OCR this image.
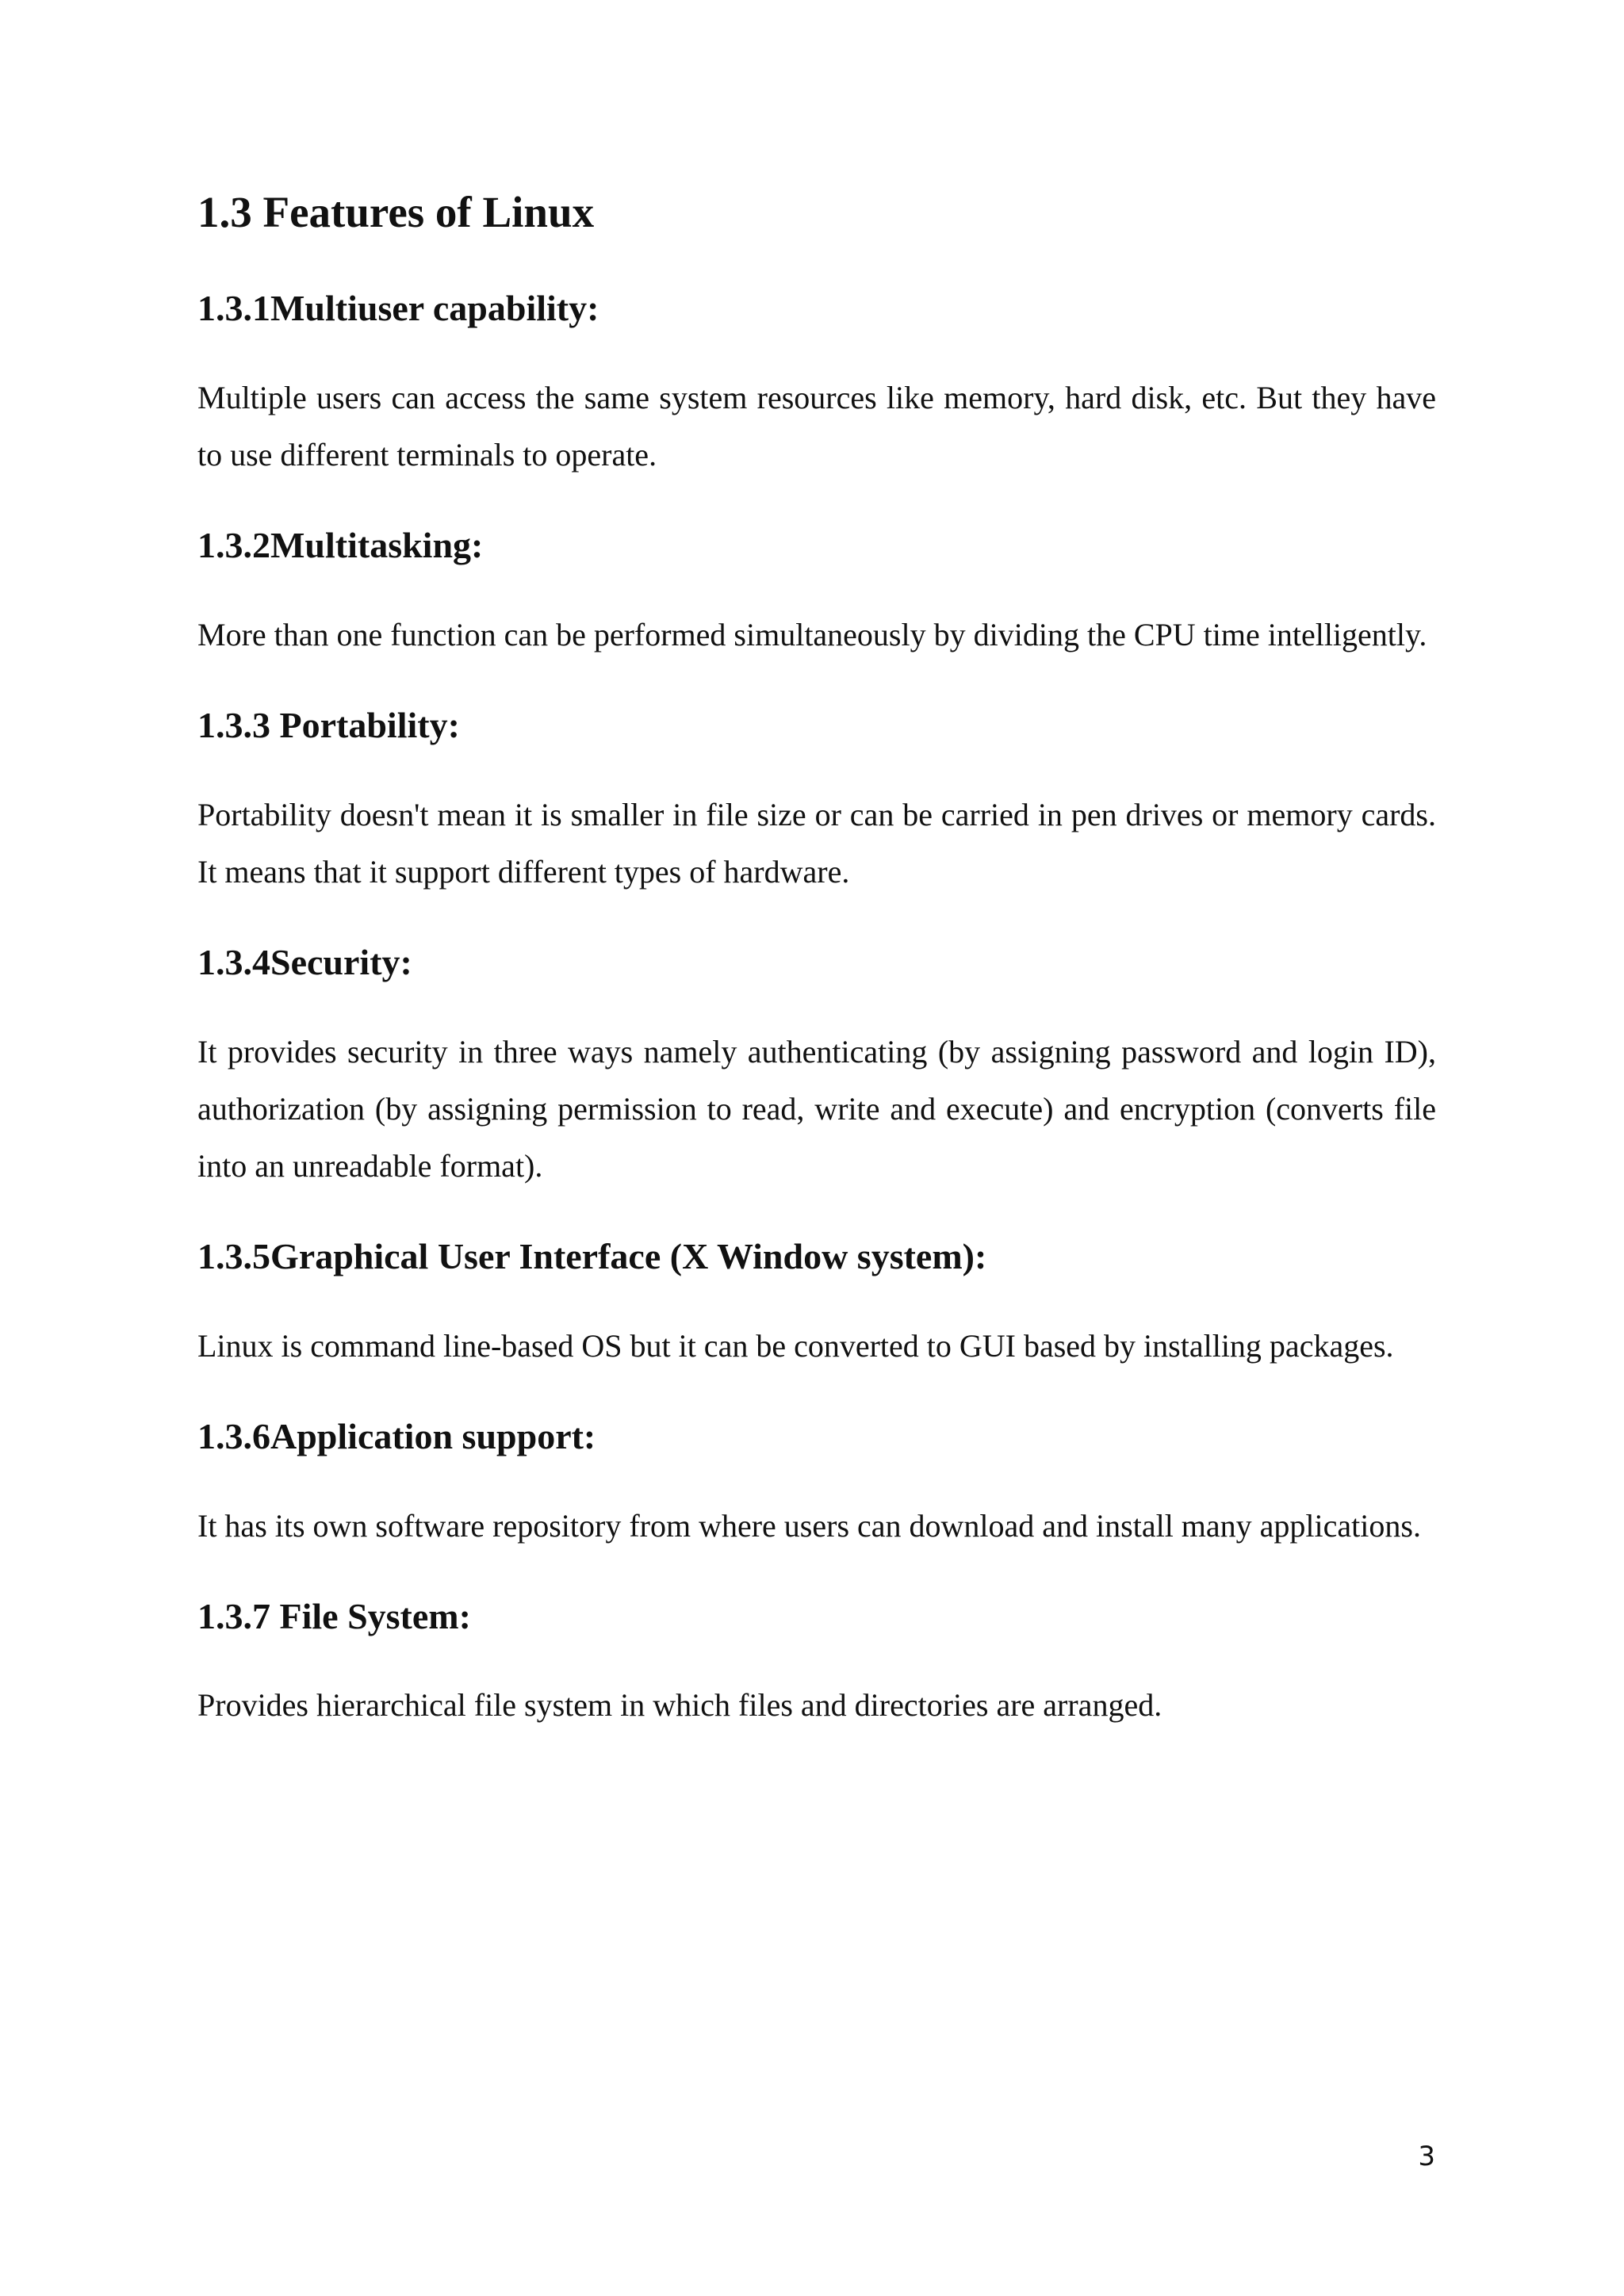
1.3 Features of Linux
1.3.1Multiuser capability:

Multiple users can access the same system resources like memory, hard disk, etc. But they have to use different terminals to operate.

1.3.2Multitasking:

More than one function can be performed simultaneously by dividing the CPU time intelligently.

1.3.3 Portability:

Portability doesn't mean it is smaller in file size or can be carried in pen drives or memory cards. It means that it support different types of hardware.

1.3.4Security:

It provides security in three ways namely authenticating (by assigning password and login ID), authorization (by assigning permission to read, write and execute) and encryption (converts file into an unreadable format).

1.3.5Graphical User Interface (X Window system):

Linux is command line-based OS but it can be converted to GUI based by installing packages.

1.3.6Application support:

It has its own software repository from where users can download and install many applications.

1.3.7 File System:

Provides hierarchical file system in which files and directories are arranged.

3
